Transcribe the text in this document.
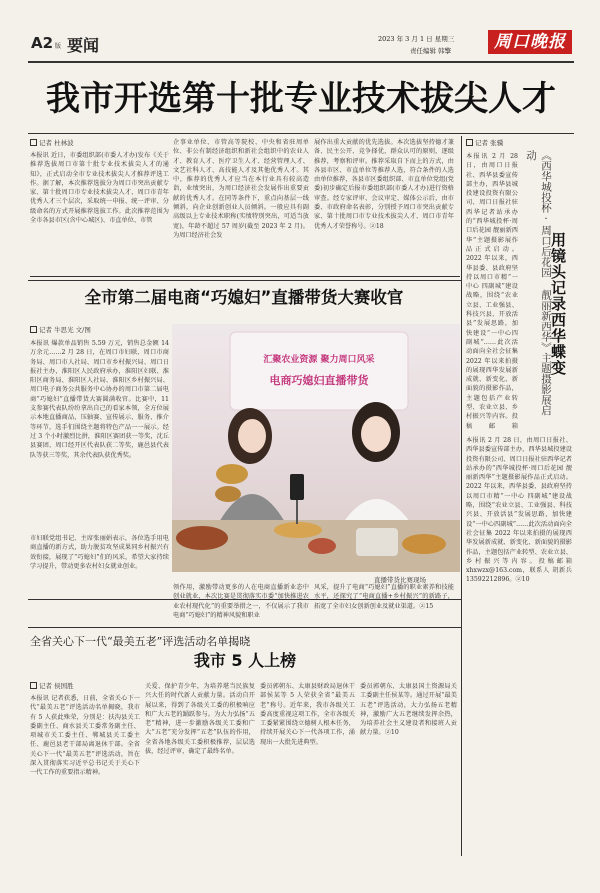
A2 版 要闻	2023 年 3 月 1 日 星期三
责任编辑 韩擎	周口晚报
我市开选第十批专业技术拔尖人才
记者 杜林波
本报讯 近日，市委组织部(市委人才办)发布《关于推荐选拔周口市第十批专业技术拔尖人才的通知》，正式启动全市专业技术拔尖人才推荐评选工作。据了解，本次推荐选拔分为周口市突出贡献专家、第十批周口市专业技术拔尖人才、周口市青年优秀人才三个层次，采取统一申报、统一评审、分级命名的方式开展推荐选拔工作。此次推荐范围为全市各县市区(含中心城区)、市直单位、市管
企事业单位、市管高等院校、中央和省驻周单位、非公有制经济组织和新社会组织中的农业人才、教育人才、医疗卫生人才、经营管理人才、文艺社科人才、高技能人才及其他优秀人才。其中，推荐的优秀人才应当在本行业具有较高造诣，业绩突出，为周口经济社会发展作出重要贡献的优秀人才。在同等条件下，重点向基层一线倾斜，向企业创新创业人员倾斜。一般应具有副高级以上专业技术职称(实绩特别突出，可适当放宽)，年龄不超过 57 周岁(截至 2023 年 2 月)。为周口经济社会发
展作出重大贡献的优先选拔。本次选拔坚持德才兼备、民主公开、竞争择优，群众认可的原则，逐级推荐，考察和评审。推荐采取自下而上的方式，由各县市区、市直单位等推荐人选，符合条件的人选由单位推荐，各县市区委组织部、市直单位党组(党委)初步确定后报市委组织部(市委人才办)进行资格审查。经专家评审、会议审定、媒体公示后，由市委、市政府命名表彰，分别授予周口市突出贡献专家、第十批周口市专业技术拔尖人才、周口市青年优秀人才荣誉称号。②18
记者 张骥
用镜头记录西华蝶变
《西华城投杯·周口后花园 靓丽新西华》主题摄影展启动
本报讯 2 月 28 日，由周口日报社、西华县委宣传部主办，西华县城投建设投资有限公司、周口日报社驻西华记者站承办的“西华城投杯·周口后花园 靓丽新西华”主题摄影展作品正式启动。2022 年以来，西华县委、县政府坚持以周口市精“一中心 四副城”建设战略，围绕“农业立县、工业强县、科技兴县、开放活县”发展思路，加快建设“一中心四副城”……此次活动面向全社会征集 2022 年以来拍摄的展现西华发展新成就、新变化、新面貌的摄影作品，主题包括产业转型、农业立县、乡村振兴等内容。投稿邮箱
本报讯 2 月 28 日，由周口日报社、西华县委宣传部主办，西华县城投建设投资有限公司、周口日报社驻西华记者站承办的“西华城投杯·周口后花园 靓丽新西华”主题摄影展作品正式启动。2022 年以来，西华县委、县政府坚持以周口市精“一中心 四副城”建设战略，围绕“农业立县、工业强县、科技兴县、开放活县”发展思路，加快建设“一中心四副城”……此次活动面向全社会征集 2022 年以来拍摄的展现西华发展新成就、新变化、新面貌的摄影作品，主题包括产业转型、农业立县、乡村振兴等内容。投稿邮箱 xhxwzx@163.com，联系人 胡新兵 13592212896。②10
全市第二届电商“巧媳妇”直播带货大赛收官
记者 牛思光 文/图
本报讯 爆款单品销售 5.59 万元，销售总金额 14 万余元……2 月 28 日，在周口市妇联、周口市商务局、周口市人社局、周口市乡村振兴局、周口日报社主办，淮阳区人民政府承办，淮阳区妇联、淮阳区商务局、淮阳区人社局、淮阳区乡村振兴局、周口电子商务公共服务中心协办的周口市第二届电商“巧媳妇”直播带货大赛圆满收官。比赛中，11 支参赛代表队纷纷拿出自己的看家本领，全方位展示本地直播商品，压轴赛、宣传展示、服务、推介等环节，选手们围绕主题将特色产品一一展示。经过 3 个小时激烈比拼，淮阳区赛团获一等奖，沈丘县赛团、周口经开区代表队获二等奖，鹿邑县代表队等获三等奖，其余代表队获优秀奖。
市妇联党组书记、主席张丽娟表示，各位选手用电商直播的新方式，助力脱贫攻坚成果同乡村振兴有效衔接，展现了“巧媳妇”们的风采，希望大家持续学习提升，带动更多农村妇女就业创业。
汇聚农业资源 聚力周口风采
电商巧媳妇直播带货
直播带货比赛现场
领作用，激励带动更多的人在电商直播新业态中创业就业，本次比赛是贯彻落实市委“加快推进农业农村现代化”的重要举措之一，不仅展示了我市电商“巧媳妇”的精神风貌和职业
风采，提升了电商“巧媳妇”直播的职业素养和技能水平，还探究了“电商直播+乡村振兴”的新路子，拓宽了全市妇女创新创业及就业渠道。②15
全省关心下一代“最美五老”评选活动名单揭晓
我市 5 人上榜
记者 侯国胜
本报讯 记者获悉，日前，全省关心下一代“最美五老”评选活动名单揭晓，我市有 5 人获此殊荣，分别是：扶沟县关工委副主任、商水县关工委常务副主任、项城市关工委主任、郸城县关工委主任、鹿邑县老干部局离退休干部。全省关心下一代“最美五老”评选活动，旨在深入贯彻落实习近平总书记关于关心下一代工作的重要指示精神。
关爱、保护青少年，为培养堪当民族复兴大任的时代新人贡献力量。活动自开展以来，得到了各级关工委的积极响应和广大五老的踊跃参与。为大力弘扬“五老”精神，进一步激励各级关工委和广大“五老”充分发挥“五老”队伍的作用，全省各地各级关工委积极推荐，层层选拔，经过评审，确定了最终名单。
委员郭朝东、太康县财政局退休干部侯某等 5 人荣获全省“最美五老”称号。近年来，我市各级关工委高度重视这项工作，全市各级关工委紧紧围绕立德树人根本任务，持续开展关心下一代各项工作，涌现出一大批先进典型。
委员郭朝东、太康县国土资源局关工委副主任侯某等。通过开展“最美五老”评选活动，大力弘扬五老精神，激励广大五老继续发挥余热，为培养社会主义建设者和接班人贡献力量。②10
